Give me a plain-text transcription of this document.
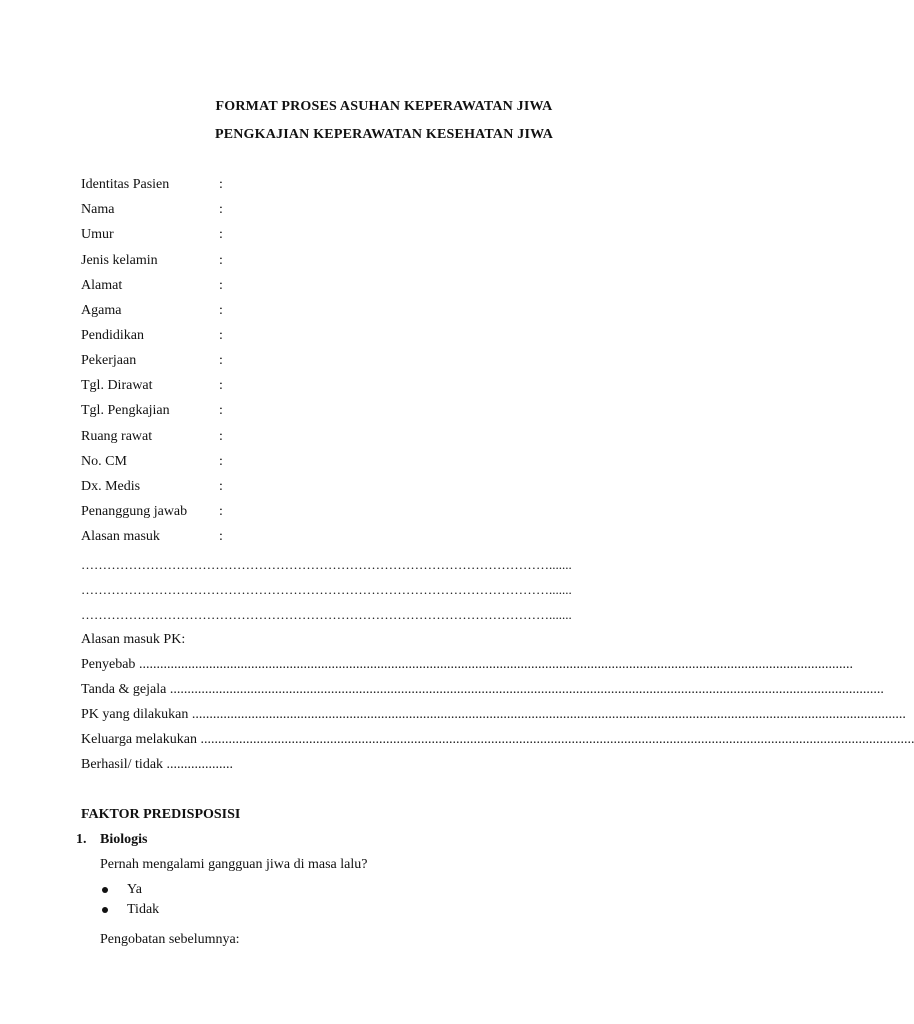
FORMAT PROSES ASUHAN KEPERAWATAN JIWA
PENGKAJIAN KEPERAWATAN KESEHATAN JIWA
Identitas Pasien	:
Nama	:
Umur	:
Jenis kelamin	:
Alamat	:
Agama	:
Pendidikan	:
Pekerjaan	:
Tgl. Dirawat	:
Tgl. Pengkajian	:
Ruang rawat	:
No. CM	:
Dx. Medis	:
Penanggung jawab :
Alasan masuk	:
……………………………………………………………………………………………….......
……………………………………………………………………………………………….......
……………………………………………………………………………………………….......
Alasan masuk PK:
Penyebab ............................................................................................................................................................................................................
Tanda & gejala ............................................................................................................................................................................................................
PK yang dilakukan ............................................................................................................................................................................................................
Keluarga melakukan ............................................................................................................................................................................................................
Berhasil/ tidak ...................
FAKTOR PREDISPOSISI
1. Biologis
Pernah mengalami gangguan jiwa di masa lalu?
Ya
Tidak
Pengobatan sebelumnya:
